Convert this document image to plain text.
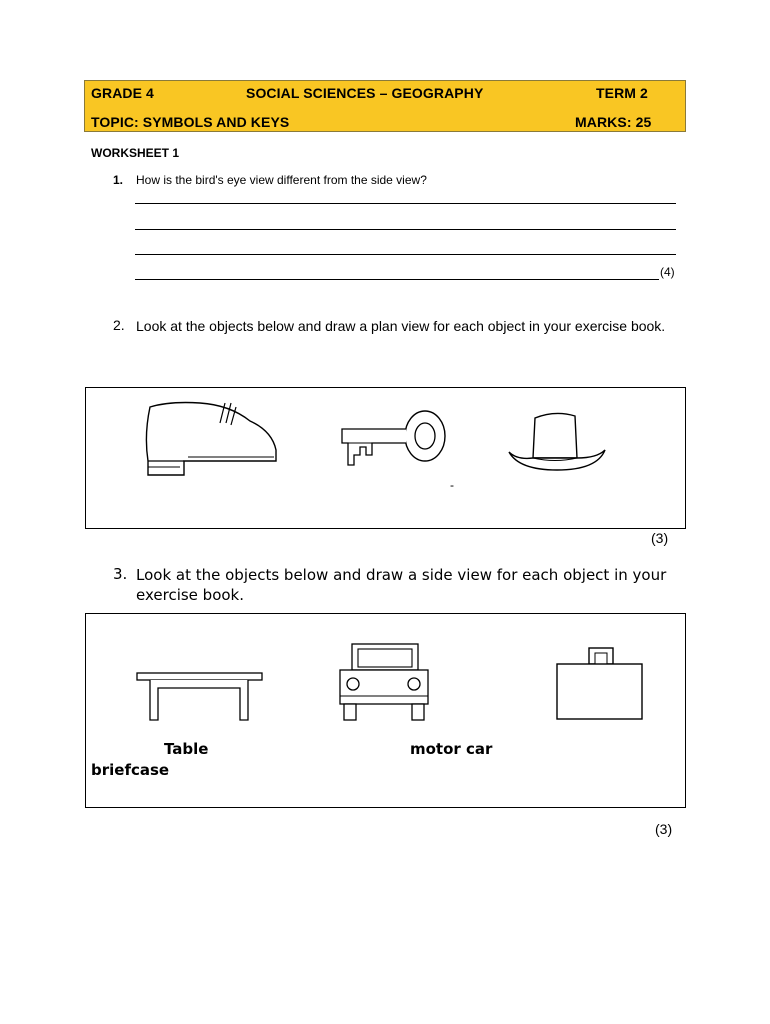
GRADE 4	SOCIAL SCIENCES – GEOGRAPHY	TERM 2
TOPIC: SYMBOLS AND KEYS	MARKS: 25
WORKSHEET 1
1. How is the bird's eye view different from the side view?
(4)
2. Look at the objects below and draw a plan view for each object in your exercise book.
-
(3)
3. Look at the objects below and draw a side view for each object in your exercise book.
Table	motor car
briefcase
(3)
